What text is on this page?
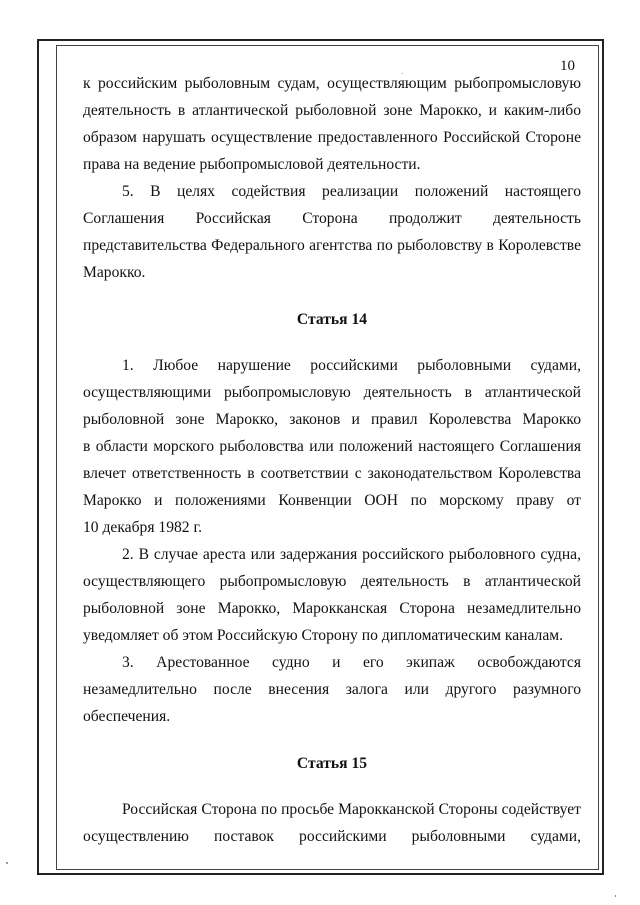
10

к российским рыболовным судам, осуществляющим рыбопромысловую

деятельность в атлантической рыболовной зоне Марокко, и каким-либо

образом нарушать осуществление предоставленного Российской Стороне

права на ведение рыбопромысловой деятельности.

5. В целях содействия реализации положений настоящего

Соглашения Российская Сторона продолжит деятельность

представительства Федерального агентства по рыболовству в Королевстве

Марокко.

Статья 14

1. Любое нарушение российскими рыболовными судами,

осуществляющими рыбопромысловую деятельность в атлантической

рыболовной зоне Марокко, законов и правил Королевства Марокко

в области морского рыболовства или положений настоящего Соглашения

влечет ответственность в соответствии с законодательством Королевства

Марокко и положениями Конвенции ООН по морскому праву от

10 декабря 1982 г.

2. В случае ареста или задержания российского рыболовного судна,

осуществляющего рыбопромысловую деятельность в атлантической

рыболовной зоне Марокко, Марокканская Сторона незамедлительно

уведомляет об этом Российскую Сторону по дипломатическим каналам.

3. Арестованное судно и его экипаж освобождаются

незамедлительно после внесения залога или другого разумного

обеспечения.

Статья 15

Российская Сторона по просьбе Марокканской Стороны содействует

осуществлению поставок российскими рыболовными судами,
